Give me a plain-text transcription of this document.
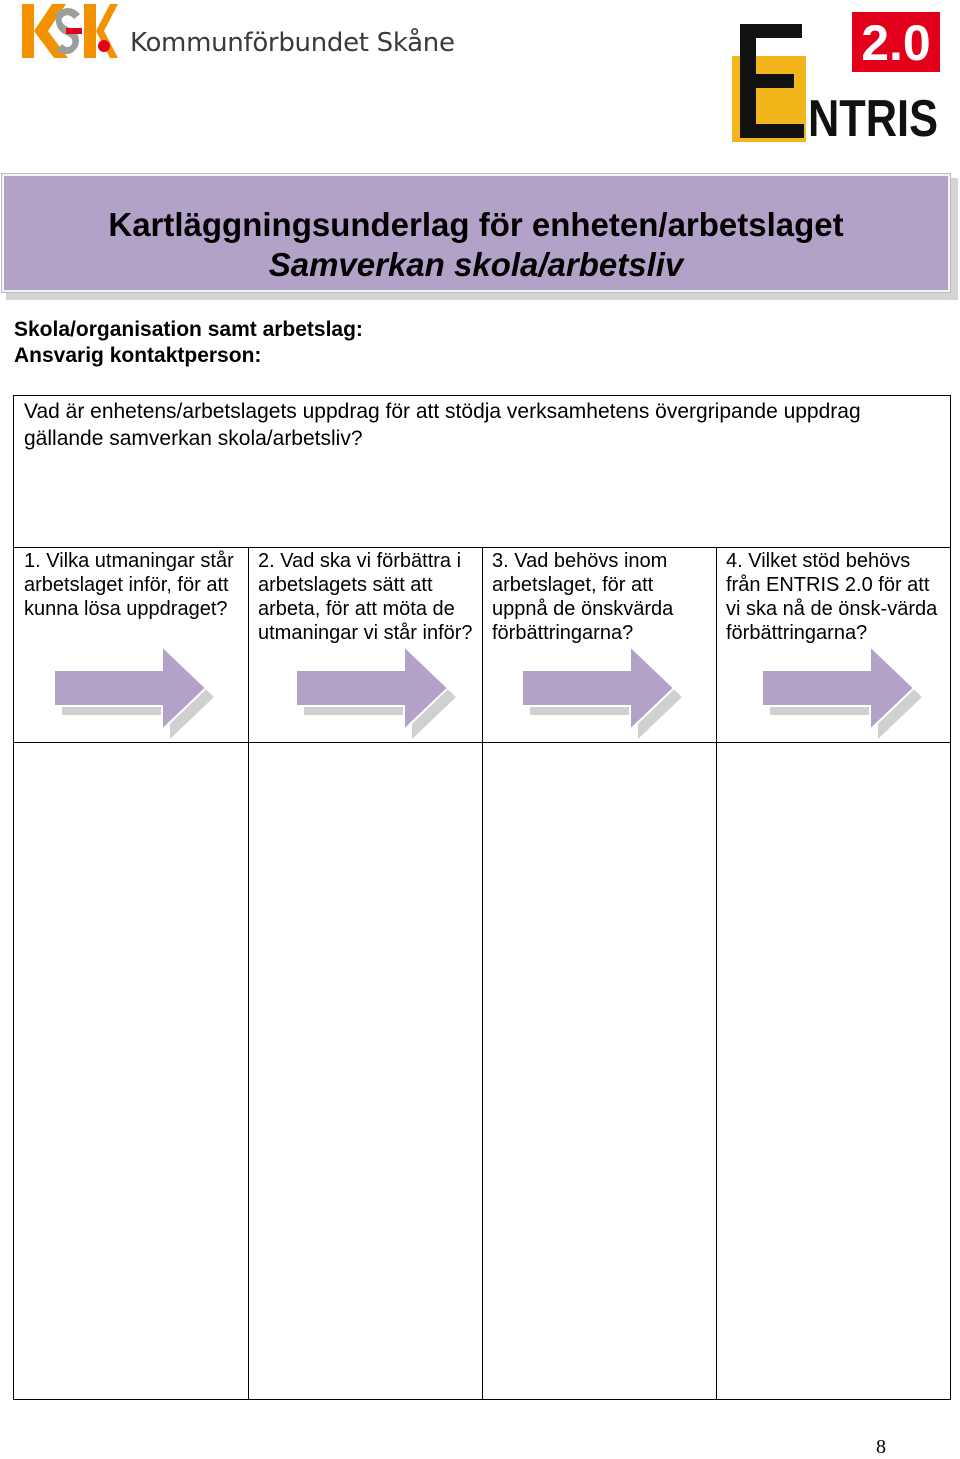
Kommunförbundet Skåne	2.0
NTRIS
Kartläggningsunderlag för enheten/arbetslaget
Samverkan skola/arbetsliv
Skola/organisation samt arbetslag:
Ansvarig kontaktperson:
Vad är enhetens/arbetslagets uppdrag för att stödja verksamhetens övergripande uppdrag gällande samverkan skola/arbetsliv?
1. Vilka utmaningar står arbetslaget inför, för att kunna lösa uppdraget?
2. Vad ska vi förbättra i arbetslagets sätt att arbeta, för att möta de utmaningar vi står inför?
3. Vad behövs inom arbetslaget, för att uppnå de önskvärda förbättringarna?
4. Vilket stöd behövs från ENTRIS 2.0 för att vi ska nå de önsk-värda förbättringarna?
8
